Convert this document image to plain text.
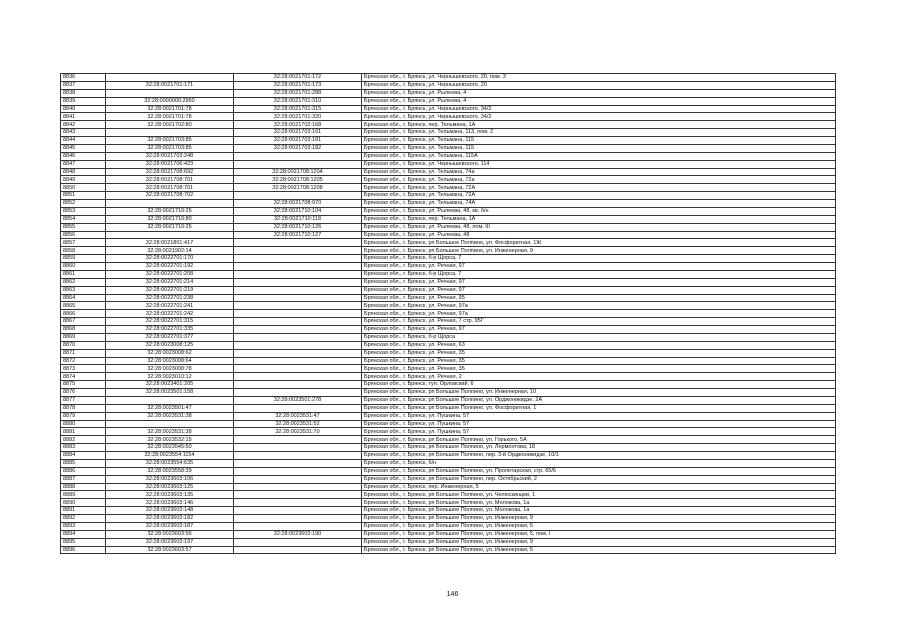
8836		32:28:0021701:172	Брянская обл., г. Брянск, ул. Чернышевского, 20, пом. 3
8837	32:28:0021701:171	32:28:0021701:173	Брянская обл., г. Брянск, ул. Чернышевского, 20
8838		32:28:0021701:288	Брянская обл., г. Брянск, ул. Рылеева, 4
8839	32:28:0000000:2960	32:28:0021701:310	Брянская обл., г. Брянск, ул. Рылеева, 4
8840	32:28:0021701:78	32:28:0021701:315	Брянская обл., г. Брянск, ул. Чернышевского, 34/2
8841	32:28:0021701:78	32:28:0021701:320	Брянская обл., г. Брянск, ул. Чернышевского, 34/2
8842	32:28:0021702:80	32:28:0021702:168	Брянская обл., г. Брянск, пер. Тельмана, 1А
8843		32:28:0021703:161	Брянская обл., г. Брянск, ул. Тельмана, 113, пом. 2
8844	32:28:0021703:85	32:28:0021703:181	Брянская обл., г. Брянск, ул. Тельмана, 115
8845	32:28:0021703:85	32:28:0021703:182	Брянская обл., г. Брянск, ул. Тельмана, 115
8846	32:28:0021703:248		Брянская обл., г. Брянск, ул. Тельмана, 115А
8847	32:28:0021706:423		Брянская обл., г. Брянск, ул. Чернышевского, 114
8848	32:28:0021708:692	32:28:0021708:1204	Брянская обл., г. Брянск, ул. Тельмана, 74а
8849	32:28:0021708:701	32:28:0021708:1205	Брянская обл., г. Брянск, ул. Тельмана, 72а
8850	32:28:0021708:701	32:28:0021708:1208	Брянская обл., г. Брянск, ул. Тельмана, 72А
8851	32:28:0021708:702		Брянская обл., г. Брянск, ул. Тельмана, 72А
8852		32:28:0021708:970	Брянская обл., г. Брянск, ул. Тельмана, 74А
8853	32:28:0021710:26	32:28:0021710:104	Брянская обл., г. Брянск, ул. Рылеева, 48, кв. б/н
8854	32:28:0021710:80	32:28:0021710:118	Брянская обл., г. Брянск, пер. Тельмана, 1А
8855	32:28:0021710:26	32:28:0021710:126	Брянская обл., г. Брянск, ул. Рылеева, 48, пом. III
8856		32:28:0021710:127	Брянская обл., г. Брянск, ул. Рылеева, 48
8857	32:28:0021801:417		Брянская обл., г. Брянск, рп Большое Полпино, ул. Фосфоритная, 1Ж
8858	32:28:0021902:14		Брянская обл., г. Брянск, рп Большое Полпино, ул. Инженерная, 9
8859	32:28:0022701:170		Брянская обл., г. Брянск, б-р Щорса, 7
8860	32:28:0022701:192		Брянская обл., г. Брянск, ул. Речная, 97
8861	32:28:0022701:208		Брянская обл., г. Брянск, б-р Щорса, 7
8862	32:28:0022701:214		Брянская обл., г. Брянск, ул. Речная, 97
8863	32:28:0022701:219		Брянская обл., г. Брянск, ул. Речная, 97
8864	32:28:0022701:238		Брянская обл., г. Брянск, ул. Речная, 95
8865	32:28:0022701:241		Брянская обл., г. Брянск, ул. Речная, 97а
8866	32:28:0022701:242		Брянская обл., г. Брянск, ул. Речная, 97а
8867	32:28:0022701:315		Брянская обл., г. Брянск, ул. Речная, 7 стр. 95Г
8868	32:28:0022701:335		Брянская обл., г. Брянск, ул. Речная, 97
8869	32:28:0022701:377		Брянская обл., г. Брянск, б-р Щорса
8870	32:28:0023008:125		Брянская обл., г. Брянск, ул. Речная, 63
8871	32:28:0023008:62		Брянская обл., г. Брянск, ул. Речная, 35
8872	32:28:0023008:64		Брянская обл., г. Брянск, ул. Речная, 35
8873	32:28:0023008:78		Брянская обл., г. Брянск, ул. Речная, 35
8874	32:28:0023010:12		Брянская обл., г. Брянск, ул. Речная, 2
8875	32:28:0023401:205		Брянская обл., г. Брянск, туп. Орловский, 6
8876	32:28:0023501:158		Брянская обл., г. Брянск, рп Большое Полпино, ул. Инженерная, 10
8877		32:28:0023501:278	Брянская обл., г. Брянск, рп Большое Полпино, ул. Орджоникидзе, 2А
8878	32:28:0023501:47		Брянская обл., г. Брянск, рп Большое Полпино, ул. Фосфоритная, 1
8879	32:28:0023531:38	32:28:0023531:47	Брянская обл., г. Брянск, ул. Пушкина, 57
8880		32:28:0023531:52	Брянская обл., г. Брянск, ул. Пушкина, 57
8881	32:28:0023531:38	32:28:0023531:70	Брянская обл., г. Брянск, ул. Пушкина, 57
8882	32:28:0023532:15		Брянская обл., г. Брянск, рп Большое Полпино, ул. Горького, 5А
8883	32:28:0023545:50		Брянская обл., г. Брянск, рп Большое Полпино, ул. Лермонтова, 18
8884	32:28:0023554:1154		Брянская обл., г. Брянск, рп Большое Полпино, пер. 3-й Орджоникидзе, 10/1
8885	32:28:0023554:635		Брянская обл., г. Брянск, б/н
8886	32:28:0023558:39		Брянская обл., г. Брянск, рп Большое Полпино, ул. Пролетарская, стр. 65/6
8887	32:28:0023603:106		Брянская обл., г. Брянск, рп Большое Полпино, пер. Октябрьский, 2
8888	32:28:0023603:125		Брянская обл., г. Брянск, пер. Инженерная, 5
8889	32:28:0023603:135		Брянская обл., г. Брянск, рп Большое Полпино, ул. Челюскинцев, 1
8890	32:28:0023603:146		Брянская обл., г. Брянск, рп Большое Полпино, ул. Молокова, 1а
8891	32:28:0023603:148		Брянская обл., г. Брянск, рп Большое Полпино, ул. Молокова, 1а
8892	32:28:0023603:182		Брянская обл., г. Брянск, рп Большое Полпино, ул. Инженерная, 9
8893	32:28:0023603:187		Брянская обл., г. Брянск, рп Большое Полпино, ул. Инженерная, 5
8894	32:28:0023603:56	32:28:0023603:190	Брянская обл., г. Брянск, рп Большое Полпино, ул. Инженерная, 5, пом. I
8895	32:28:0023603:197		Брянская обл., г. Брянск, рп Большое Полпино, ул. Инженерная, 9
8896	32:28:0023603:57		Брянская обл., г. Брянск, рп Большое Полпино, ул. Инженерная, 5
146
